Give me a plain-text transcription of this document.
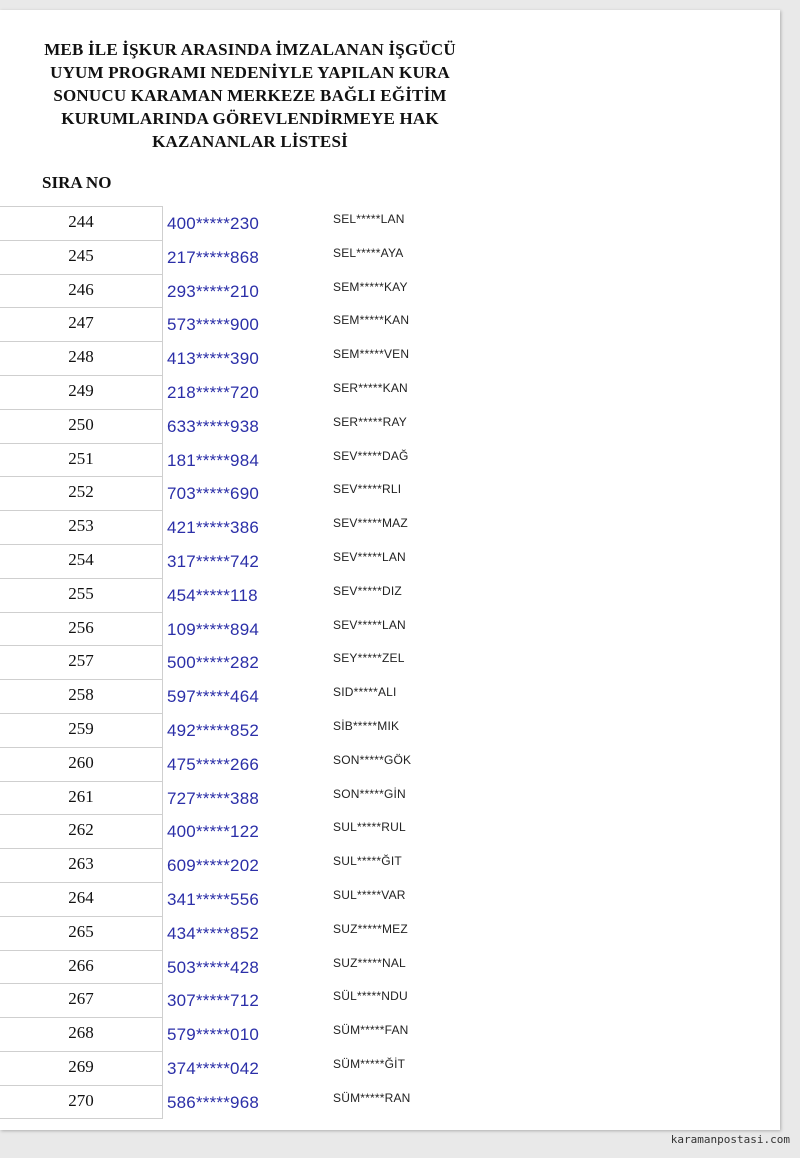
MEB İLE İŞKUR ARASINDA İMZALANAN İŞGÜCÜ
UYUM PROGRAMI NEDENİYLE YAPILAN KURA
SONUCU KARAMAN MERKEZE BAĞLI EĞİTİM
KURUMLARINDA GÖREVLENDİRMEYE HAK
KAZANANLAR LİSTESİ
SIRA NO
244	400*****230	SEL*****LAN
245	217*****868	SEL*****AYA
246	293*****210	SEM*****KAY
247	573*****900	SEM*****KAN
248	413*****390	SEM*****VEN
249	218*****720	SER*****KAN
250	633*****938	SER*****RAY
251	181*****984	SEV*****DAĞ
252	703*****690	SEV*****RLI
253	421*****386	SEV*****MAZ
254	317*****742	SEV*****LAN
255	454*****118	SEV*****DIZ
256	109*****894	SEV*****LAN
257	500*****282	SEY*****ZEL
258	597*****464	SID*****ALI
259	492*****852	SİB*****MIK
260	475*****266	SON*****GÖK
261	727*****388	SON*****GİN
262	400*****122	SUL*****RUL
263	609*****202	SUL*****ĞIT
264	341*****556	SUL*****VAR
265	434*****852	SUZ*****MEZ
266	503*****428	SUZ*****NAL
267	307*****712	SÜL*****NDU
268	579*****010	SÜM*****FAN
269	374*****042	SÜM*****ĞİT
270	586*****968	SÜM*****RAN
karamanpostasi.com
